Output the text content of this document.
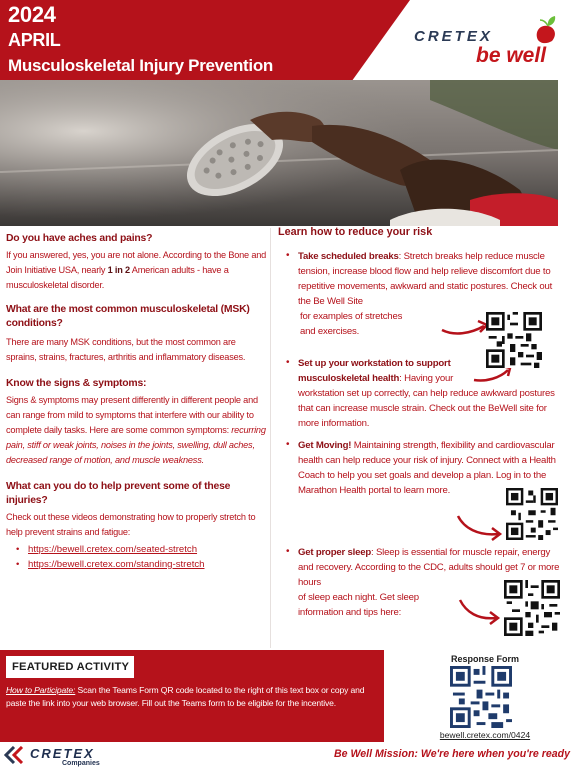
2024
APRIL
Musculoskeletal Injury Prevention
CRETEX
be well
Do you have aches and pains?
If you answered, yes, you are not alone. According to the Bone and Join Initiative USA, nearly 1 in 2 American adults - have a musculoskeletal disorder.
What are the most common musculoskeletal (MSK) conditions?
There are many MSK conditions, but the most common are sprains, strains, fractures, arthritis and inflammatory diseases.
Know the signs & symptoms:
Signs & symptoms may present differently in different people and can range from mild to symptoms that interfere with our ability to complete daily tasks. Here are some common symptoms: recurring pain, stiff or weak joints, noises in the joints, swelling, dull aches, decreased range of motion, and muscle weakness.
What can you do to help prevent some of these injuries?
Check out these videos demonstrating how to properly stretch to help prevent strains and fatigue:
• https://bewell.cretex.com/seated-stretch
• https://bewell.cretex.com/standing-stretch
Learn how to reduce your risk
• Take scheduled breaks: Stretch breaks help reduce muscle tension, increase blood flow and help relieve discomfort due to repetitive movements, awkward and static postures. Check out the Be Well Site
for examples of stretches
and exercises.
• Set up your workstation to support
musculoskeletal health: Having your
workstation set up correctly, can help reduce awkward postures that can increase muscle strain. Check out the BeWell site for more information.
• Get Moving! Maintaining strength, flexibility and cardiovascular health can help reduce your risk of injury. Connect with a Health Coach to help you set goals and develop a plan. Log in to the Marathon Health portal to learn more.
• Get proper sleep: Sleep is essential for muscle repair, energy and recovery. According to the CDC, adults should get 7 or more hours
of sleep each night. Get sleep
information and tips here:
FEATURED ACTIVITY
How to Participate: Scan the Teams Form QR code located to the right of this text box or copy and paste the link into your web browser. Fill out the Teams form to be eligible for the incentive.
Response Form
bewell.cretex.com/0424
CRETEX
Companies
Be Well Mission: We're here when you're ready
